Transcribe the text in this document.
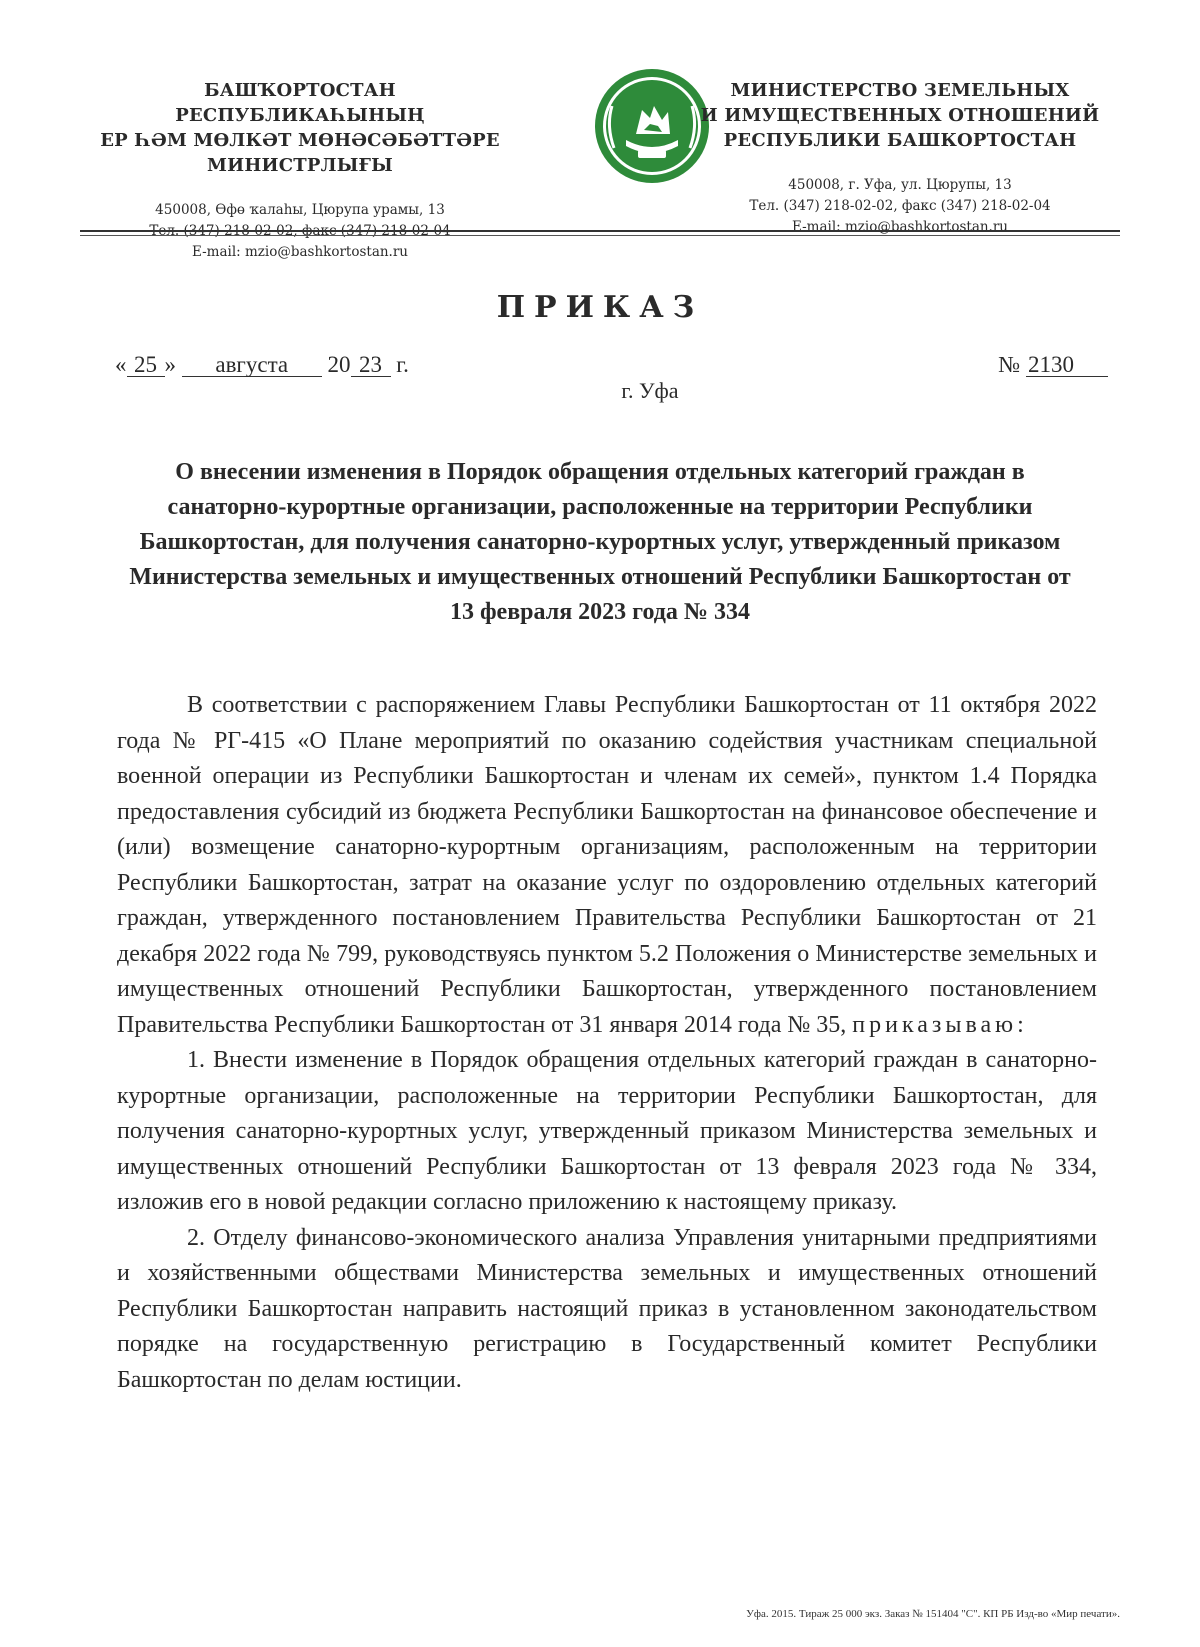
БАШҠОРТОСТАН РЕСПУБЛИКАҺЫНЫҢ
ЕР ҺӘМ МӨЛКӘТ МӨНӘСӘБӘТТӘРЕ
МИНИСТРЛЫҒЫ
450008, Өфө ҡалаһы, Цюрупа урамы, 13
Тел. (347) 218-02-02, факс (347) 218-02-04
E-mail: mzio@bashkortostan.ru
МИНИСТЕРСТВО ЗЕМЕЛЬНЫХ
И ИМУЩЕСТВЕННЫХ ОТНОШЕНИЙ
РЕСПУБЛИКИ БАШКОРТОСТАН
450008, г. Уфа, ул. Цюрупы, 13
Тел. (347) 218-02-02, факс (347) 218-02-04
E-mail: mzio@bashkortostan.ru
ПРИКАЗ
« 25 » августа 20 23 г.	№ 2130
г. Уфа
О внесении изменения в Порядок обращения отдельных категорий граждан в санаторно-курортные организации, расположенные на территории Республики Башкортостан, для получения санаторно-курортных услуг, утвержденный приказом Министерства земельных и имущественных отношений Республики Башкортостан от 13 февраля 2023 года № 334

В соответствии с распоряжением Главы Республики Башкортостан от 11 октября 2022 года № РГ-415 «О Плане мероприятий по оказанию содействия участникам специальной военной операции из Республики Башкортостан и членам их семей», пунктом 1.4 Порядка предоставления субсидий из бюджета Республики Башкортостан на финансовое обеспечение и (или) возмещение санаторно-курортным организациям, расположенным на территории Республики Башкортостан, затрат на оказание услуг по оздоровлению отдельных категорий граждан, утвержденного постановлением Правительства Республики Башкортостан от 21 декабря 2022 года № 799, руководствуясь пунктом 5.2 Положения о Министерстве земельных и имущественных отношений Республики Башкортостан, утвержденного постановлением Правительства Республики Башкортостан от 31 января 2014 года № 35, приказываю:

1. Внести изменение в Порядок обращения отдельных категорий граждан в санаторно-курортные организации, расположенные на территории Республики Башкортостан, для получения санаторно-курортных услуг, утвержденный приказом Министерства земельных и имущественных отношений Республики Башкортостан от 13 февраля 2023 года № 334, изложив его в новой редакции согласно приложению к настоящему приказу.

2. Отделу финансово-экономического анализа Управления унитарными предприятиями и хозяйственными обществами Министерства земельных и имущественных отношений Республики Башкортостан направить настоящий приказ в установленном законодательством порядке на государственную регистрацию в Государственный комитет Республики Башкортостан по делам юстиции.

Уфа. 2015. Тираж 25 000 экз. Заказ № 151404 "С". КП РБ Изд-во «Мир печати».
